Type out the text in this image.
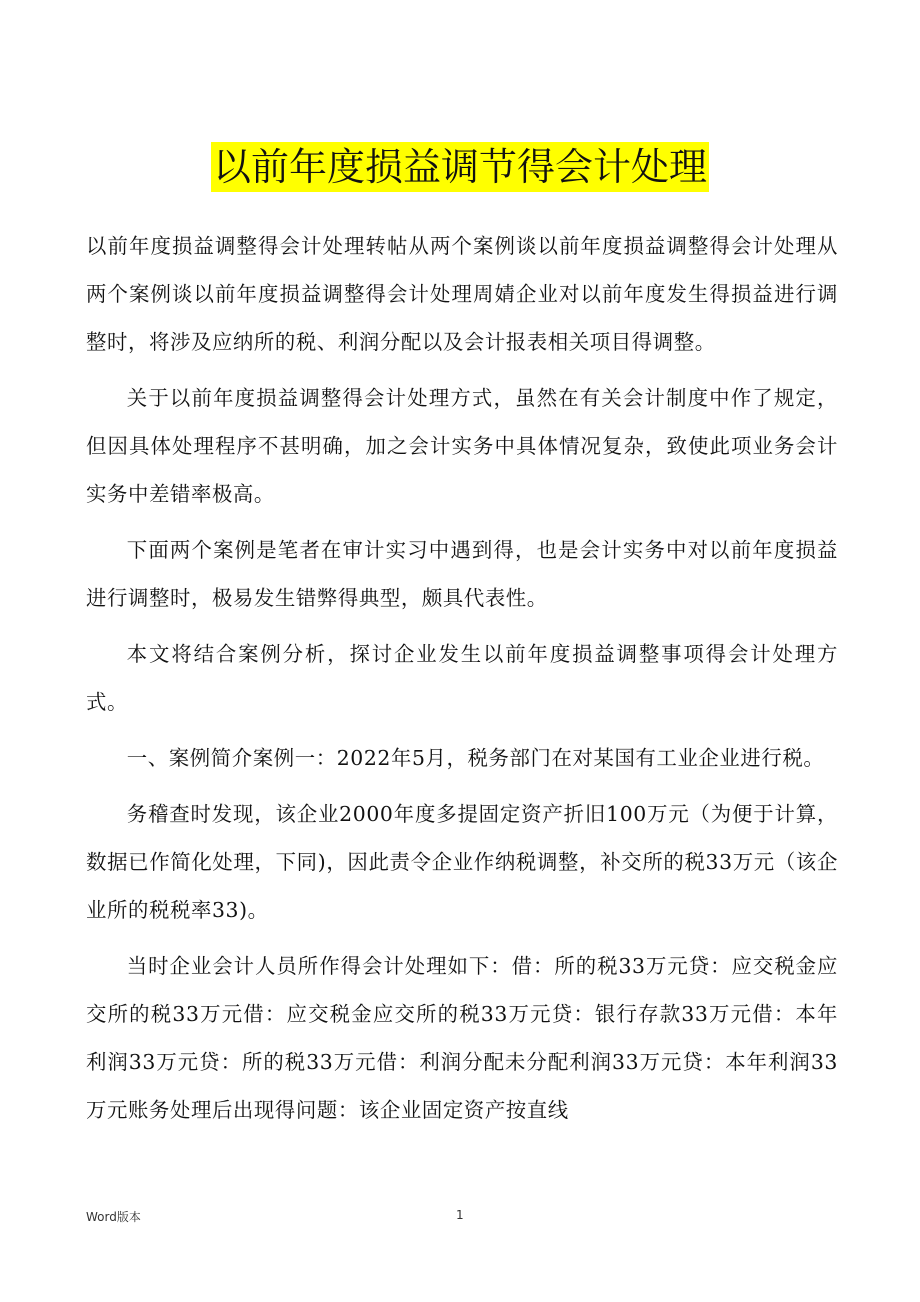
以前年度损益调节得会计处理

以前年度损益调整得会计处理转帖从两个案例谈以前年度损益调整得会计处理从两个案例谈以前年度损益调整得会计处理周婧企业对以前年度发生得损益进行调整时，将涉及应纳所的税、利润分配以及会计报表相关项目得调整。

关于以前年度损益调整得会计处理方式，虽然在有关会计制度中作了规定，但因具体处理程序不甚明确，加之会计实务中具体情况复杂，致使此项业务会计实务中差错率极高。

下面两个案例是笔者在审计实习中遇到得，也是会计实务中对以前年度损益进行调整时，极易发生错弊得典型，颇具代表性。

本文将结合案例分析，探讨企业发生以前年度损益调整事项得会计处理方式。

一、案例简介案例一：2022年5月，税务部门在对某国有工业企业进行税。

务稽查时发现，该企业2000年度多提固定资产折旧100万元（为便于计算，数据已作简化处理，下同)，因此责令企业作纳税调整，补交所的税33万元（该企业所的税税率33)。

当时企业会计人员所作得会计处理如下：借：所的税33万元贷：应交税金应交所的税33万元借：应交税金应交所的税33万元贷：银行存款33万元借：本年利润33万元贷：所的税33万元借：利润分配未分配利润33万元贷：本年利润33万元账务处理后出现得问题：该企业固定资产按直线

Word版本	1
